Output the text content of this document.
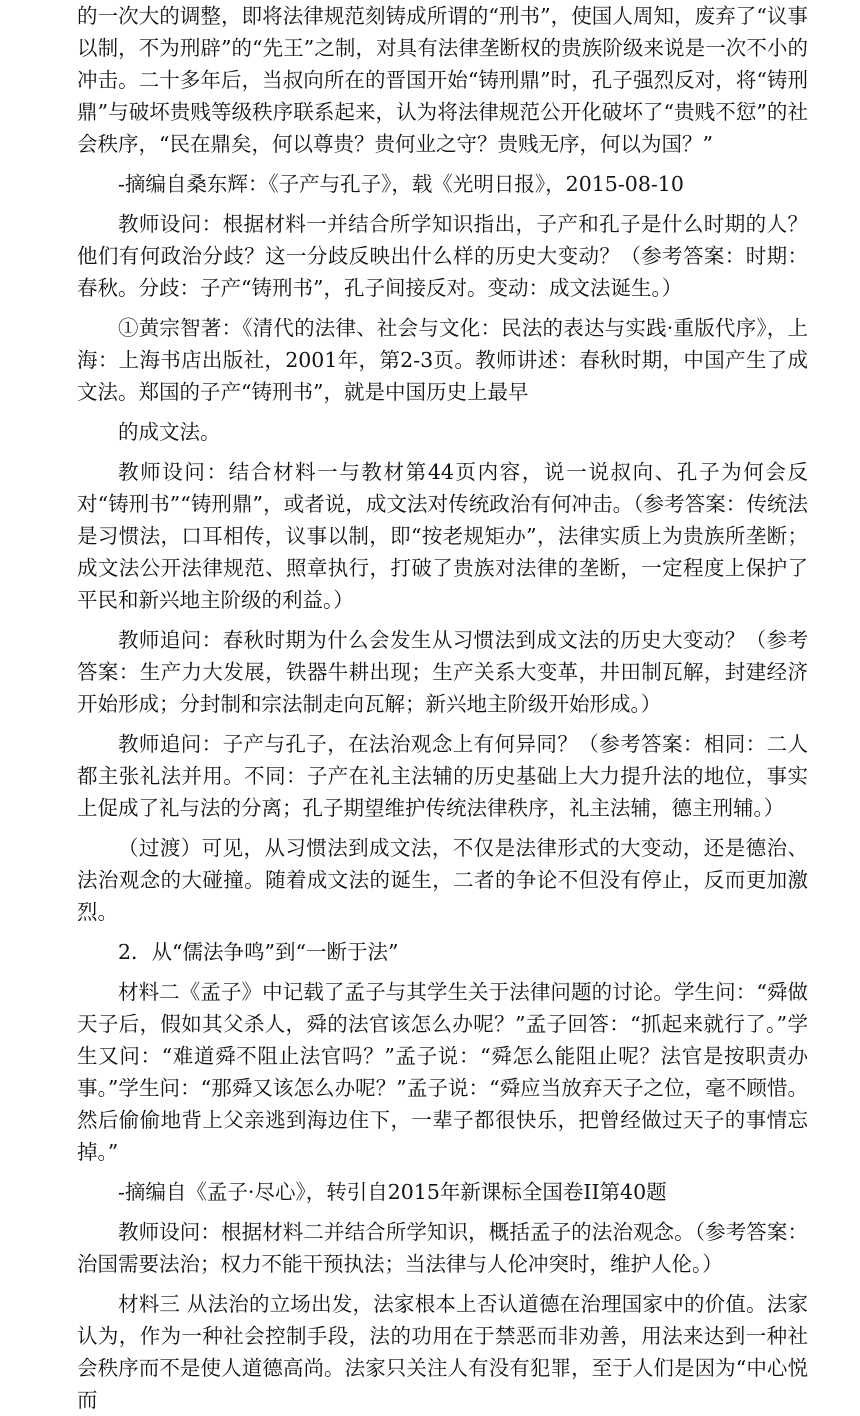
的一次大的调整，即将法律规范刻铸成所谓的“刑书”，使国人周知，废弃了“议事以制，不为刑辟”的“先王”之制，对具有法律垄断权的贵族阶级来说是一次不小的冲击。二十多年后，当叔向所在的晋国开始“铸刑鼎”时，孔子强烈反对，将“铸刑鼎”与破坏贵贱等级秩序联系起来，认为将法律规范公开化破坏了“贵贱不愆”的社会秩序，“民在鼎矣，何以尊贵？贵何业之守？贵贱无序，何以为国？”

-摘编自桑东辉：《子产与孔子》，载《光明日报》，2015-08-10

教师设问：根据材料一并结合所学知识指出，子产和孔子是什么时期的人？他们有何政治分歧？这一分歧反映出什么样的历史大变动？（参考答案：时期：春秋。分歧：子产“铸刑书”，孔子间接反对。变动：成文法诞生。）

①黄宗智著：《清代的法律、社会与文化：民法的表达与实践·重版代序》，上海：上海书店出版社，2001年，第2-3页。教师讲述：春秋时期，中国产生了成文法。郑国的子产“铸刑书”，就是中国历史上最早

的成文法。

教师设问：结合材料一与教材第44页内容，说一说叔向、孔子为何会反对“铸刑书”“铸刑鼎”，或者说，成文法对传统政治有何冲击。（参考答案：传统法是习惯法，口耳相传，议事以制，即“按老规矩办”，法律实质上为贵族所垄断；成文法公开法律规范、照章执行，打破了贵族对法律的垄断，一定程度上保护了平民和新兴地主阶级的利益。）

教师追问：春秋时期为什么会发生从习惯法到成文法的历史大变动？（参考答案：生产力大发展，铁器牛耕出现；生产关系大变革，井田制瓦解，封建经济开始形成；分封制和宗法制走向瓦解；新兴地主阶级开始形成。）

教师追问：子产与孔子，在法治观念上有何异同？（参考答案：相同：二人都主张礼法并用。不同：子产在礼主法辅的历史基础上大力提升法的地位，事实上促成了礼与法的分离；孔子期望维护传统法律秩序，礼主法辅，德主刑辅。）

（过渡）可见，从习惯法到成文法，不仅是法律形式的大变动，还是德治、法治观念的大碰撞。随着成文法的诞生，二者的争论不但没有停止，反而更加激烈。

2．从“儒法争鸣”到“一断于法”

材料二《孟子》中记载了孟子与其学生关于法律问题的讨论。学生问：“舜做天子后，假如其父杀人，舜的法官该怎么办呢？”孟子回答：“抓起来就行了。”学生又问：“难道舜不阻止法官吗？”孟子说：“舜怎么能阻止呢？法官是按职责办事。”学生问：“那舜又该怎么办呢？”孟子说：“舜应当放弃天子之位，毫不顾惜。然后偷偷地背上父亲逃到海边住下，一辈子都很快乐，把曾经做过天子的事情忘掉。”

-摘编自《孟子·尽心》，转引自2015年新课标全国卷II第40题

教师设问：根据材料二并结合所学知识，概括孟子的法治观念。（参考答案：治国需要法治；权力不能干预执法；当法律与人伦冲突时，维护人伦。）

材料三 从法治的立场出发，法家根本上否认道德在治理国家中的价值。法家认为，作为一种社会控制手段，法的功用在于禁恶而非劝善，用法来达到一种社会秩序而不是使人道德高尚。法家只关注人有没有犯罪，至于人们是因为“中心悦而
